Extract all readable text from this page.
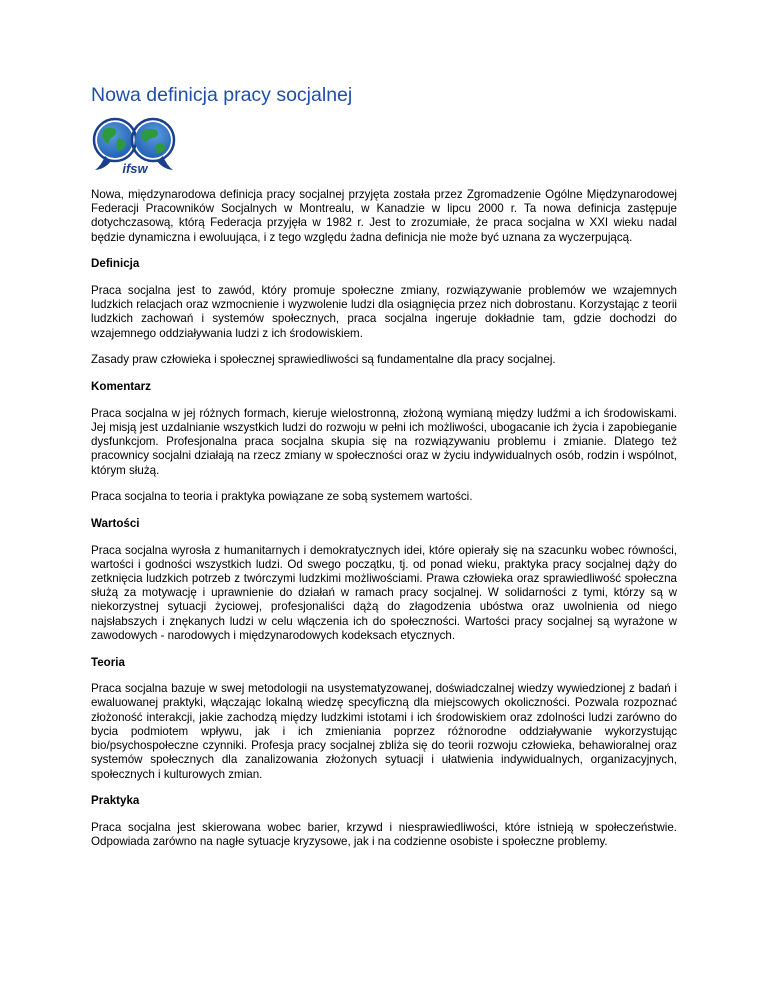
Nowa definicja pracy socjalnej
ifsw

Nowa, międzynarodowa definicja pracy socjalnej przyjęta została przez Zgromadzenie Ogólne Międzynarodowej Federacji Pracowników Socjalnych w Montrealu, w Kanadzie w lipcu 2000 r. Ta nowa definicja zastępuje dotychczasową, którą Federacja przyjęła w 1982 r. Jest to zrozumiałe, że praca socjalna w XXI wieku nadal będzie dynamiczna i ewoluująca, i z tego względu żadna definicja nie może być uznana za wyczerpującą.

Definicja

Praca socjalna jest to zawód, który promuje społeczne zmiany, rozwiązywanie problemów we wzajemnych ludzkich relacjach oraz wzmocnienie i wyzwolenie ludzi dla osiągnięcia przez nich dobrostanu. Korzystając z teorii ludzkich zachowań i systemów społecznych, praca socjalna ingeruje dokładnie tam, gdzie dochodzi do wzajemnego oddziaływania ludzi z ich środowiskiem.

Zasady praw człowieka i społecznej sprawiedliwości są fundamentalne dla pracy socjalnej.

Komentarz

Praca socjalna w jej różnych formach, kieruje wielostronną, złożoną wymianą między ludźmi a ich środowiskami. Jej misją jest uzdalnianie wszystkich ludzi do rozwoju w pełni ich możliwości, ubogacanie ich życia i zapobieganie dysfunkcjom. Profesjonalna praca socjalna skupia się na rozwiązywaniu problemu i zmianie. Dlatego też pracownicy socjalni działają na rzecz zmiany w społeczności oraz w życiu indywidualnych osób, rodzin i wspólnot, którym służą.

Praca socjalna to teoria i praktyka powiązane ze sobą systemem wartości.

Wartości

Praca socjalna wyrosła z humanitarnych i demokratycznych idei, które opierały się na szacunku wobec równości, wartości i godności wszystkich ludzi. Od swego początku, tj. od ponad wieku, praktyka pracy socjalnej dąży do zetknięcia ludzkich potrzeb z twórczymi ludzkimi możliwościami. Prawa człowieka oraz sprawiedliwość społeczna służą za motywację i uprawnienie do działań w ramach pracy socjalnej. W solidarności z tymi, którzy są w niekorzystnej sytuacji życiowej, profesjonaliści dążą do złagodzenia ubóstwa oraz uwolnienia od niego najsłabszych i znękanych ludzi w celu włączenia ich do społeczności. Wartości pracy socjalnej są wyrażone w zawodowych - narodowych i międzynarodowych kodeksach etycznych.

Teoria

Praca socjalna bazuje w swej metodologii na usystematyzowanej, doświadczalnej wiedzy wywiedzionej z badań i ewaluowanej praktyki, włączając lokalną wiedzę specyficzną dla miejscowych okoliczności. Pozwala rozpoznać złożoność interakcji, jakie zachodzą między ludzkimi istotami i ich środowiskiem oraz zdolności ludzi zarówno do bycia podmiotem wpływu, jak i ich zmieniania poprzez różnorodne oddziaływanie wykorzystując bio/psychospołeczne czynniki. Profesja pracy socjalnej zbliża się do teorii rozwoju człowieka, behawioralnej oraz systemów społecznych dla zanalizowania złożonych sytuacji i ułatwienia indywidualnych, organizacyjnych, społecznych i kulturowych zmian.

Praktyka

Praca socjalna jest skierowana wobec barier, krzywd i niesprawiedliwości, które istnieją w społeczeństwie. Odpowiada zarówno na nagłe sytuacje kryzysowe, jak i na codzienne osobiste i społeczne problemy.
